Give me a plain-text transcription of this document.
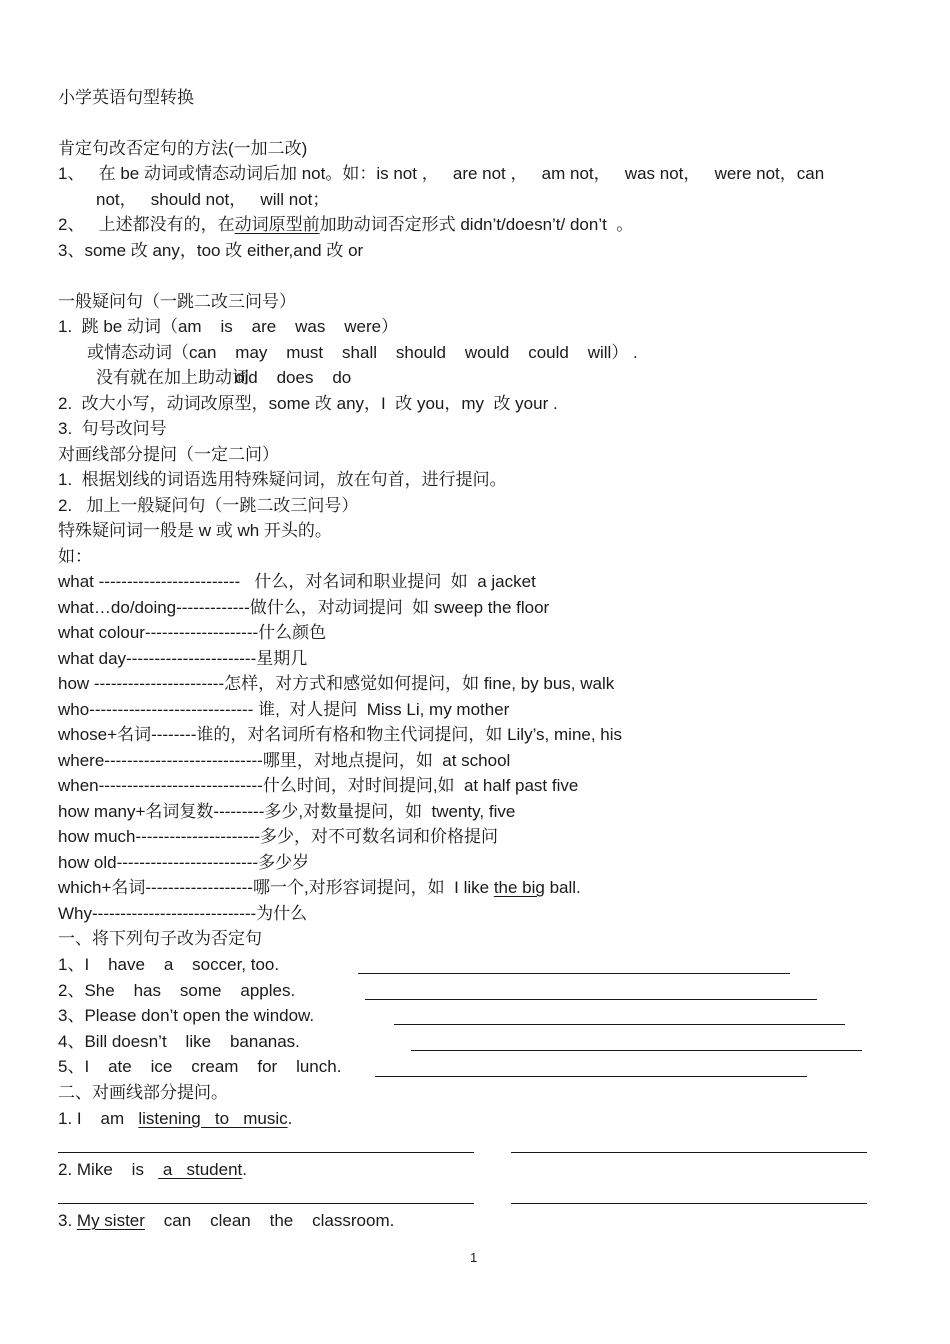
小学英语句型转换
肯定句改否定句的方法(一加二改)
1、   在 be 动词或情态动词后加 not。如：is not ，   are not ，   am not，   was not，   were not，can
not，   should not，   will not；
2、   上述都没有的，在动词原型前加助动词否定形式 didn’t/doesn’t/ don’t  。
3、some 改 any，too 改 either,and 改 or
一般疑问句（一跳二改三问号）
1.  跳 be 动词（am    is    are    was    were）
或情态动词（can    may    must    shall    should    would    could    will） .
没有就在加上助动词did    does    do
2.  改大小写，动词改原型，some 改 any，I  改 you，my  改 your .
3.  句号改问号
对画线部分提问（一定二问）
1.  根据划线的词语选用特殊疑问词，放在句首，进行提问。
2.   加上一般疑问句（一跳二改三问号）
特殊疑问词一般是 w 或 wh 开头的。
如：
what -------------------------   什么，对名词和职业提问  如  a jacket
what…do/doing-------------做什么，对动词提问  如 sweep the floor
what colour--------------------什么颜色
what day-----------------------星期几
how -----------------------怎样，对方式和感觉如何提问，如 fine, by bus, walk
who----------------------------- 谁,  对人提问  Miss Li, my mother
whose+名词--------谁的，对名词所有格和物主代词提问，如 Lily’s, mine, his
where----------------------------哪里，对地点提问，如  at school
when-----------------------------什么时间，对时间提问,如  at half past five
how many+名词复数---------多少,对数量提问，如  twenty, five
how much----------------------多少，对不可数名词和价格提问
how old-------------------------多少岁
which+名词-------------------哪一个,对形容词提问，如  I like the big ball.
Why-----------------------------为什么
一、将下列句子改为否定句
1、I    have    a    soccer, too.
2、She    has    some    apples.
3、Please don’t open the window.
4、Bill doesn’t    like    bananas.
5、I    ate    ice    cream    for    lunch.
二、对画线部分提问。
1. I    am   listening   to   music.
2. Mike    is    a   student.
3. My sister    can    clean    the    classroom.
1
